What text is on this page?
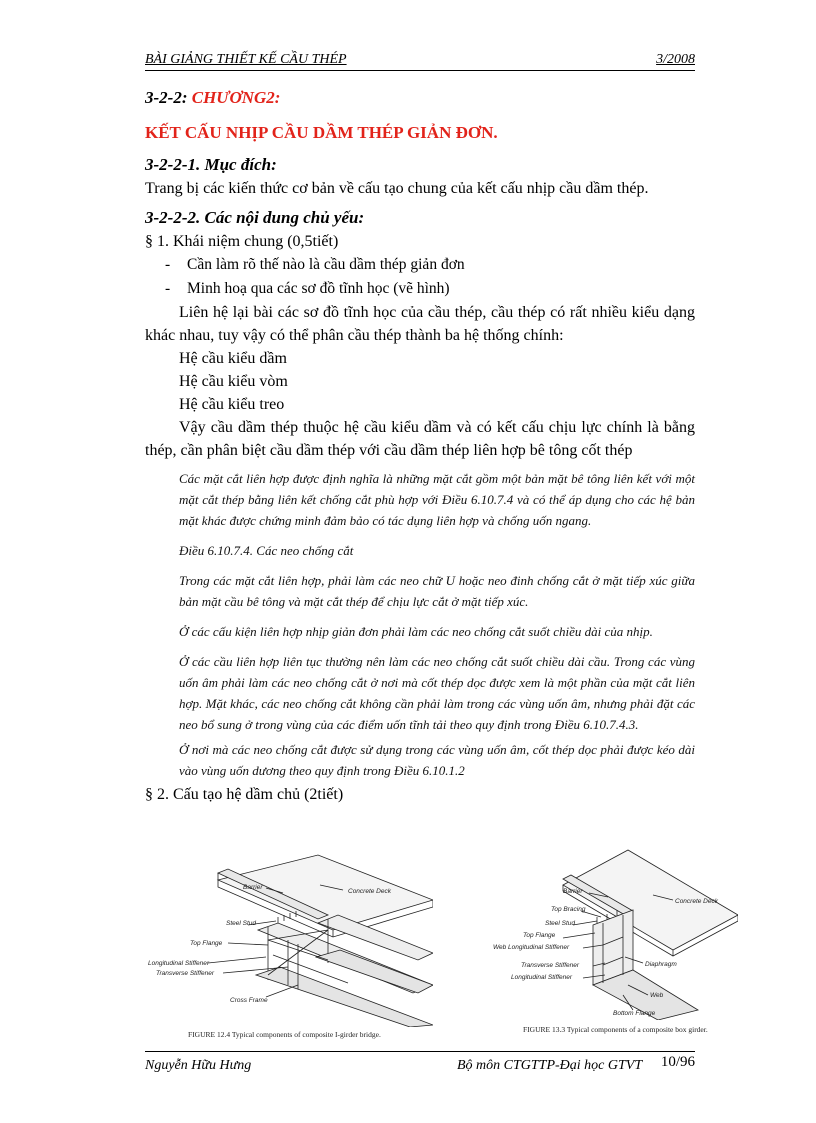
BÀI GIẢNG THIẾT KẾ CẦU THÉP	3/2008

3-2-2: CHƯƠNG2:

KẾT CẤU NHỊP CẦU DẦM THÉP GIẢN ĐƠN.

3-2-2-1. Mục đích:

Trang bị các kiến thức cơ bản về cấu tạo chung của kết cấu nhịp cầu dầm thép.

3-2-2-2. Các nội dung chủ yếu:

§ 1. Khái niệm chung (0,5tiết)

- Cần làm rõ thế nào là cầu dầm thép giản đơn

- Minh hoạ qua các sơ đồ tĩnh học (vẽ hình)

Liên hệ lại bài các sơ đồ tĩnh học của cầu thép, cầu thép có rất nhiều kiểu dạng khác nhau, tuy vậy có thể phân cầu thép thành ba hệ thống chính:

Hệ cầu kiểu dầm

Hệ cầu kiểu vòm

Hệ cầu kiểu treo

Vậy cầu dầm thép thuộc hệ cầu kiểu dầm và có kết cấu chịu lực chính là bằng thép, cần phân biệt cầu dầm thép với cầu dầm thép liên hợp bê tông cốt thép

Các mặt cắt liên hợp được định nghĩa là những mặt cắt gồm một bản mặt bê tông liên kết với một mặt cắt thép bằng liên kết chống cắt phù hợp với Điều 6.10.7.4 và có thể áp dụng cho các hệ bản mặt khác được chứng minh đảm bảo có tác dụng liên hợp và chống uốn ngang.

Điều 6.10.7.4. Các neo chống cắt

Trong các mặt cắt liên hợp, phải làm các neo chữ U hoặc neo đinh chống cắt ở mặt tiếp xúc giữa bản mặt cầu bê tông và mặt cắt thép để chịu lực cắt ở mặt tiếp xúc.

Ở các cấu kiện liên hợp nhịp giản đơn phải làm các neo chống cắt suốt chiều dài của nhịp.

Ở các cầu liên hợp liên tục thường nên làm các neo chống cắt suốt chiều dài cầu. Trong các vùng uốn âm phải làm các neo chống cắt ở nơi mà cốt thép dọc được xem là một phần của mặt cắt liên hợp. Mặt khác, các neo chống cắt không cần phải làm trong các vùng uốn âm, nhưng phải đặt các neo bổ sung ở trong vùng của các điểm uốn tĩnh tải theo quy định trong Điều 6.10.7.4.3.

Ở nơi mà các neo chống cắt được sử dụng trong các vùng uốn âm, cốt thép dọc phải được kéo dài vào vùng uốn dương theo quy định trong Điều 6.10.1.2

§ 2. Cấu tạo hệ dầm chủ (2tiết)

Barrier
Concrete Deck
Steel Stud
Top Flange
Longitudinal Stiffener
Transverse Stiffener
Cross Frame
FIGURE 12.4 Typical components of composite I-girder bridge.
Barrier
Concrete Deck
Top Bracing
Steel Stud
Top Flange
Web Longitudinal Stiffener
Diaphragm
Transverse Stiffener
Longitudinal Stiffener
Web
Bottom Flange
FIGURE 13.3 Typical components of a composite box girder.
Nguyễn Hữu Hưng	Bộ môn CTGTTP-Đại học GTVT 10/96
